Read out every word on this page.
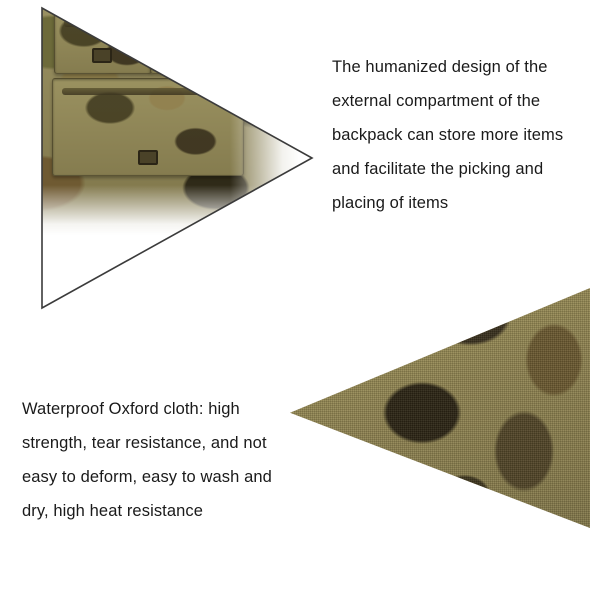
The humanized design of the external compartment of the backpack can store more items and facilitate the picking and placing of items
Waterproof Oxford cloth: high strength, tear resistance, and not easy to deform, easy to wash and dry, high heat resistance
